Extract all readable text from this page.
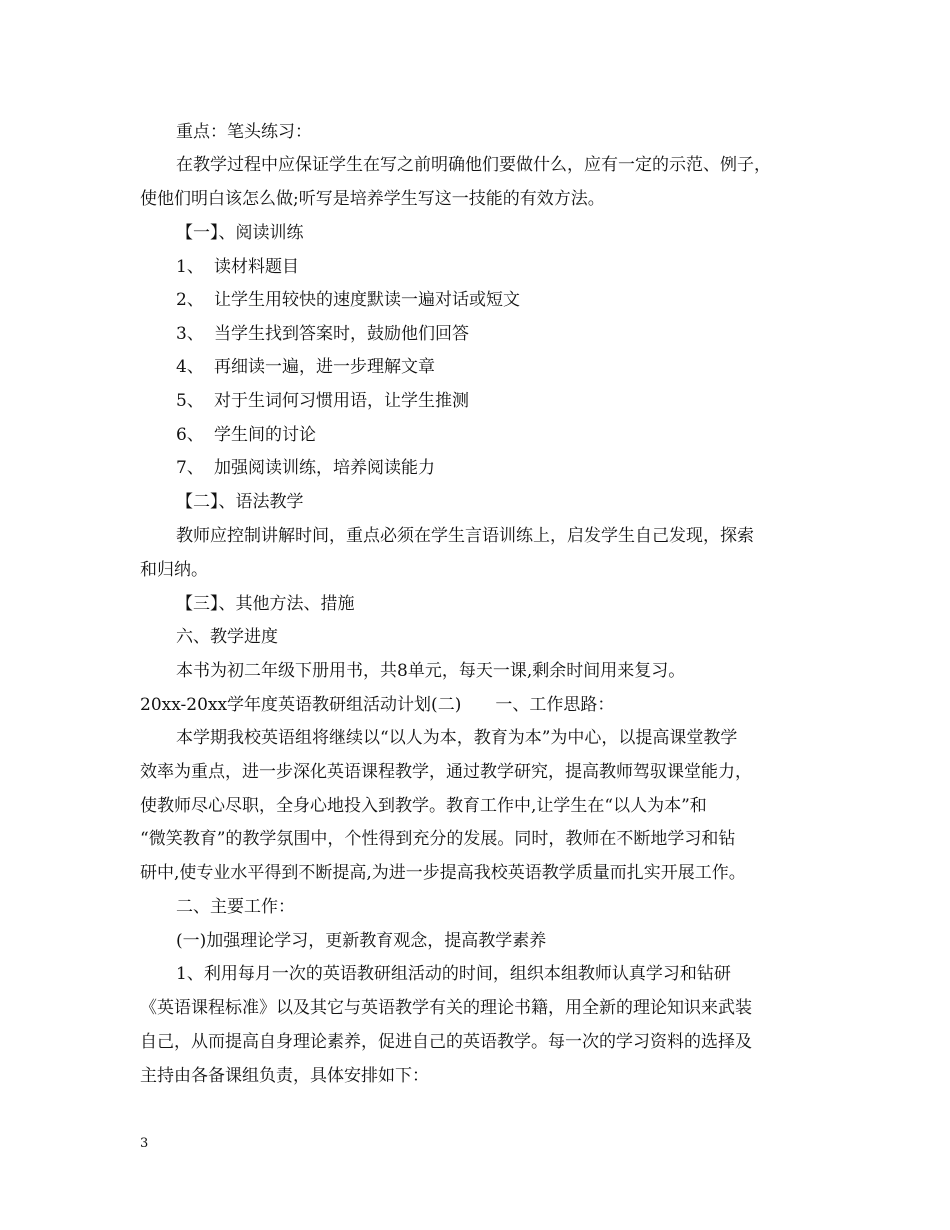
重点：笔头练习：
在教学过程中应保证学生在写之前明确他们要做什么，应有一定的示范、例子，
使他们明白该怎么做;听写是培养学生写这一技能的有效方法。
【一】、阅读训练
1、 读材料题目
2、 让学生用较快的速度默读一遍对话或短文
3、 当学生找到答案时，鼓励他们回答
4、 再细读一遍，进一步理解文章
5、 对于生词何习惯用语，让学生推测
6、 学生间的讨论
7、 加强阅读训练，培养阅读能力
【二】、语法教学
教师应控制讲解时间，重点必须在学生言语训练上，启发学生自己发现，探索
和归纳。
【三】、其他方法、措施
六、教学进度
本书为初二年级下册用书，共8单元，每天一课,剩余时间用来复习。
20xx-20xx学年度英语教研组活动计划(二)　　一、工作思路：
本学期我校英语组将继续以“以人为本，教育为本”为中心，以提高课堂教学
效率为重点，进一步深化英语课程教学，通过教学研究，提高教师驾驭课堂能力，
使教师尽心尽职，全身心地投入到教学。教育工作中,让学生在“以人为本”和
“微笑教育”的教学氛围中，个性得到充分的发展。同时，教师在不断地学习和钻
研中,使专业水平得到不断提高,为进一步提高我校英语教学质量而扎实开展工作。
二、主要工作：
(一)加强理论学习，更新教育观念，提高教学素养
1、利用每月一次的英语教研组活动的时间，组织本组教师认真学习和钻研
《英语课程标准》以及其它与英语教学有关的理论书籍，用全新的理论知识来武装
自己，从而提高自身理论素养，促进自己的英语教学。每一次的学习资料的选择及
主持由各备课组负责，具体安排如下：
3
